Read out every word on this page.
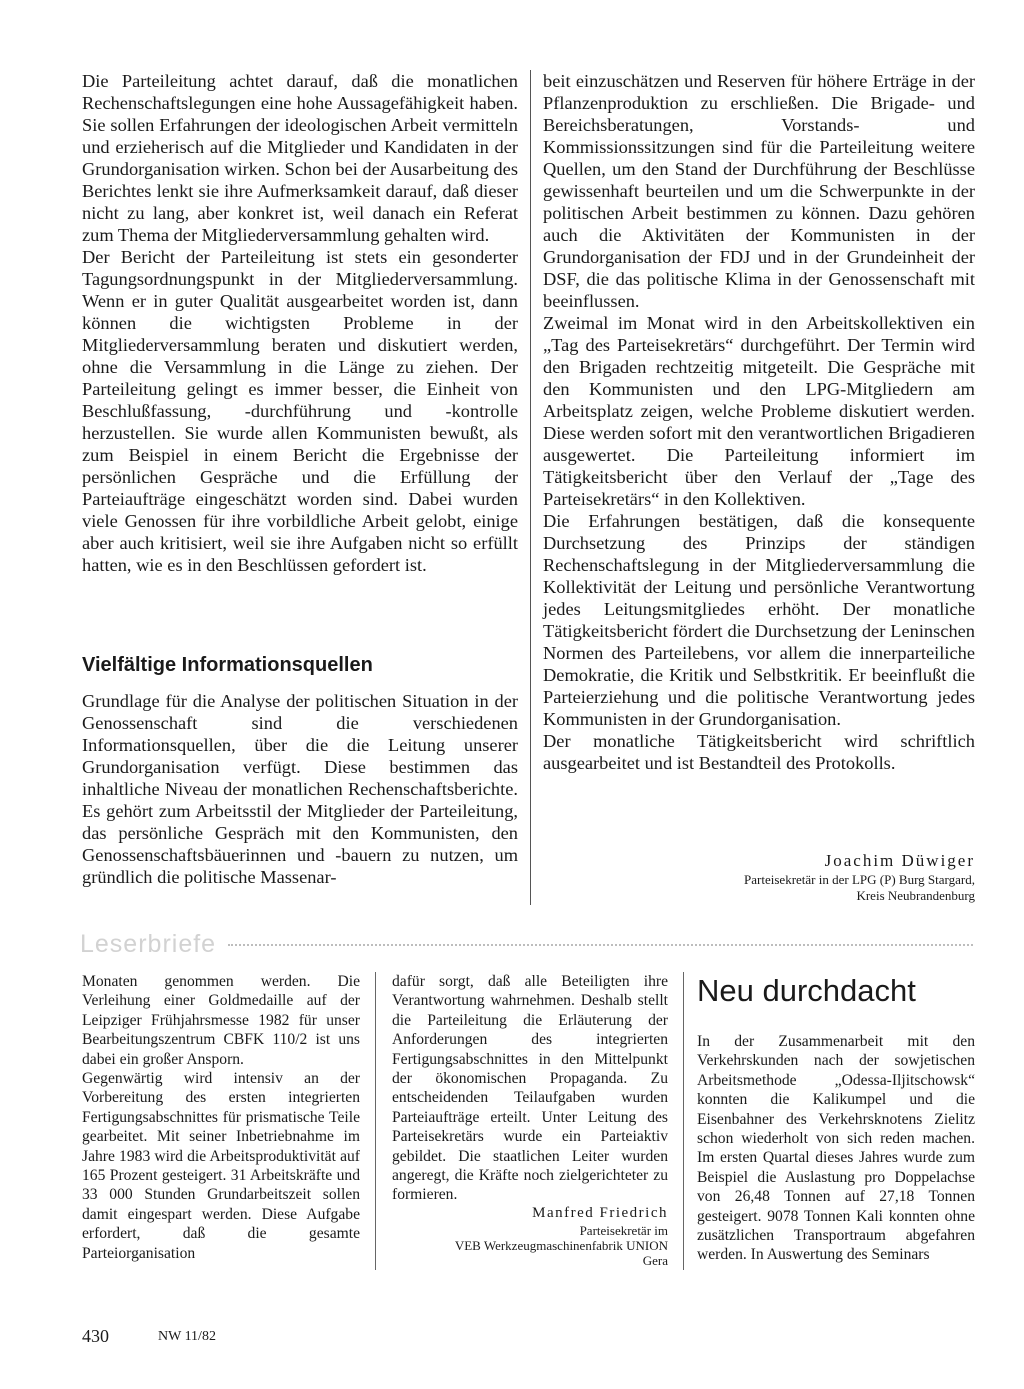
Die Parteileitung achtet darauf, daß die monatlichen Rechenschaftslegungen eine hohe Aussagefähigkeit haben. Sie sollen Erfahrungen der ideologischen Arbeit vermitteln und erzieherisch auf die Mitglieder und Kandidaten in der Grundorganisation wirken. Schon bei der Ausarbeitung des Berichtes lenkt sie ihre Aufmerksamkeit darauf, daß dieser nicht zu lang, aber konkret ist, weil danach ein Referat zum Thema der Mitgliederversammlung gehalten wird.

Der Bericht der Parteileitung ist stets ein gesonderter Tagungsordnungspunkt in der Mitgliederversammlung. Wenn er in guter Qualität ausgearbeitet worden ist, dann können die wichtigsten Probleme in der Mitgliederversammlung beraten und diskutiert werden, ohne die Versammlung in die Länge zu ziehen. Der Parteileitung gelingt es immer besser, die Einheit von Beschlußfassung, -durchführung und -kontrolle herzustellen. Sie wurde allen Kommunisten bewußt, als zum Beispiel in einem Bericht die Ergebnisse der persönlichen Gespräche und die Erfüllung der Parteiaufträge eingeschätzt worden sind. Dabei wurden viele Genossen für ihre vorbildliche Arbeit gelobt, einige aber auch kritisiert, weil sie ihre Aufgaben nicht so erfüllt hatten, wie es in den Beschlüssen gefordert ist.

Vielfältige Informationsquellen

Grundlage für die Analyse der politischen Situation in der Genossenschaft sind die verschiedenen Informationsquellen, über die die Leitung unserer Grundorganisation verfügt. Diese bestimmen das inhaltliche Niveau der monatlichen Rechenschaftsberichte. Es gehört zum Arbeitsstil der Mitglieder der Parteileitung, das persönliche Gespräch mit den Kommunisten, den Genossenschaftsbäuerinnen und -bauern zu nutzen, um gründlich die politische Massenar-

beit einzuschätzen und Reserven für höhere Erträge in der Pflanzenproduktion zu erschließen. Die Brigade- und Bereichsberatungen, Vorstands- und Kommissionssitzungen sind für die Parteileitung weitere Quellen, um den Stand der Durchführung der Beschlüsse gewissenhaft beurteilen und um die Schwerpunkte in der politischen Arbeit bestimmen zu können. Dazu gehören auch die Aktivitäten der Kommunisten in der Grundorganisation der FDJ und in der Grundeinheit der DSF, die das politische Klima in der Genossenschaft mit beeinflussen.

Zweimal im Monat wird in den Arbeitskollektiven ein „Tag des Parteisekretärs“ durchgeführt. Der Termin wird den Brigaden rechtzeitig mitgeteilt. Die Gespräche mit den Kommunisten und den LPG-Mitgliedern am Arbeitsplatz zeigen, welche Probleme diskutiert werden. Diese werden sofort mit den verantwortlichen Brigadieren ausgewertet. Die Parteileitung informiert im Tätigkeitsbericht über den Verlauf der „Tage des Parteisekretärs“ in den Kollektiven.

Die Erfahrungen bestätigen, daß die konsequente Durchsetzung des Prinzips der ständigen Rechenschaftslegung in der Mitgliederversammlung die Kollektivität der Leitung und persönliche Verantwortung jedes Leitungsmitgliedes erhöht. Der monatliche Tätigkeitsbericht fördert die Durchsetzung der Leninschen Normen des Parteilebens, vor allem die innerparteiliche Demokratie, die Kritik und Selbstkritik. Er beeinflußt die Parteierziehung und die politische Verantwortung jedes Kommunisten in der Grundorganisation.

Der monatliche Tätigkeitsbericht wird schriftlich ausgearbeitet und ist Bestandteil des Protokolls.

Joachim Düwiger
Parteisekretär in der LPG (P) Burg Stargard,
Kreis Neubrandenburg
Leserbriefe

Monaten genommen werden. Die Verleihung einer Goldmedaille auf der Leipziger Frühjahrsmesse 1982 für unser Bearbeitungszentrum CBFK 110/2 ist uns dabei ein großer Ansporn.

Gegenwärtig wird intensiv an der Vorbereitung des ersten integrierten Fertigungsabschnittes für prismatische Teile gearbeitet. Mit seiner Inbetriebnahme im Jahre 1983 wird die Arbeitsproduktivität auf 165 Prozent gesteigert. 31 Arbeitskräfte und 33 000 Stunden Grundarbeitszeit sollen damit eingespart werden. Diese Aufgabe erfordert, daß die gesamte Parteiorganisation

dafür sorgt, daß alle Beteiligten ihre Verantwortung wahrnehmen. Deshalb stellt die Parteileitung die Erläuterung der Anforderungen des integrierten Fertigungsabschnittes in den Mittelpunkt der ökonomischen Propaganda. Zu entscheidenden Teilaufgaben wurden Parteiaufträge erteilt. Unter Leitung des Parteisekretärs wurde ein Parteiaktiv gebildet. Die staatlichen Leiter wurden angeregt, die Kräfte noch zielgerichteter zu formieren.

Manfred Friedrich
Parteisekretär im
VEB Werkzeugmaschinenfabrik UNION
Gera
Neu durchdacht

In der Zusammenarbeit mit den Verkehrskunden nach der sowjetischen Arbeitsmethode „Odessa-Iljitschowsk“ konnten die Kalikumpel und die Eisenbahner des Verkehrsknotens Zielitz schon wiederholt von sich reden machen. Im ersten Quartal dieses Jahres wurde zum Beispiel die Auslastung pro Doppelachse von 26,48 Tonnen auf 27,18 Tonnen gesteigert. 9078 Tonnen Kali konnten ohne zusätzlichen Transportraum abgefahren werden. In Auswertung des Seminars

430	NW 11/82
